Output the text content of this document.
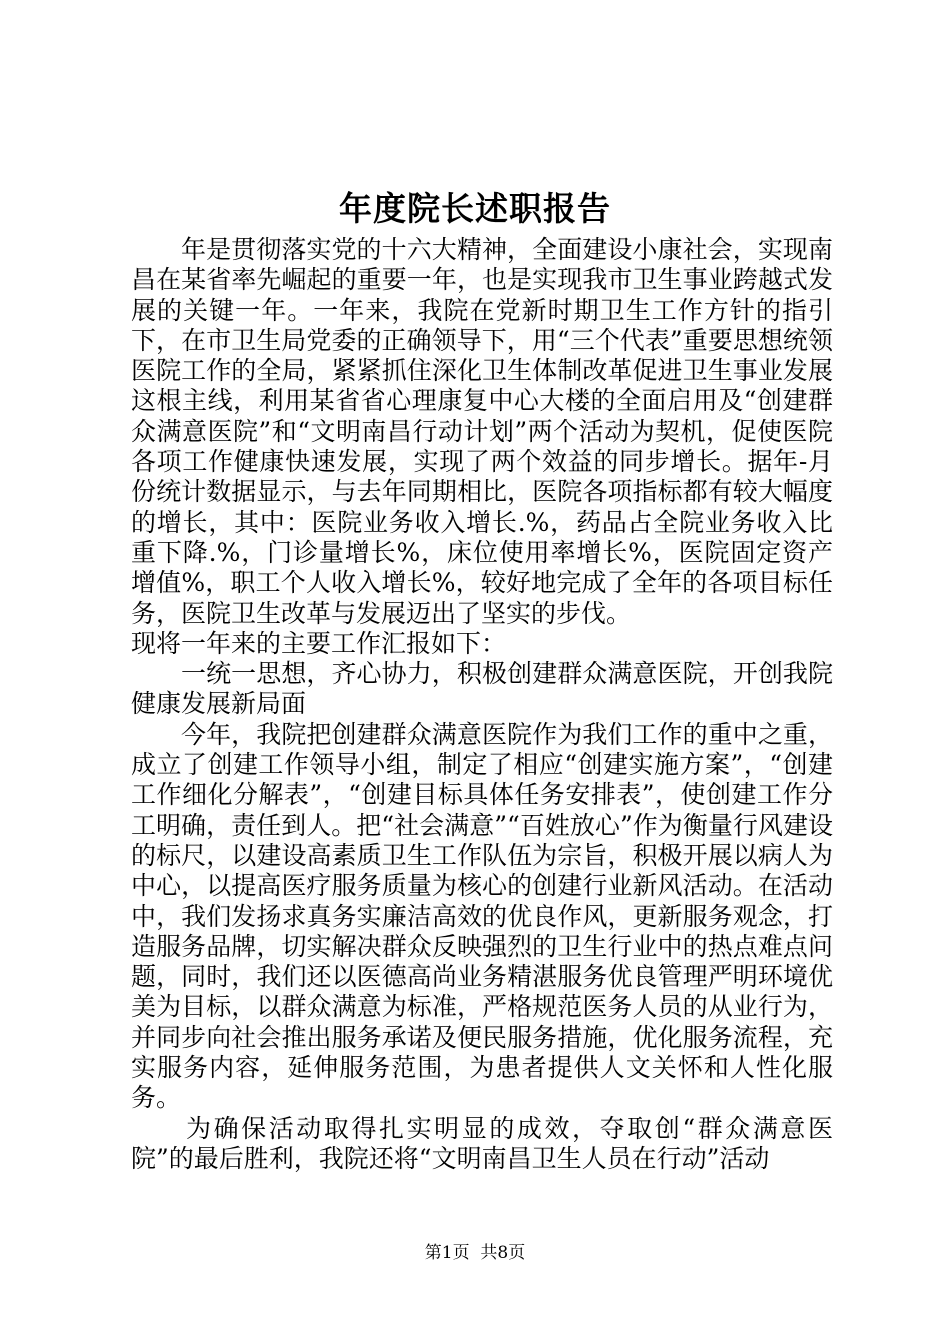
年度院长述职报告

年是贯彻落实党的十六大精神，全面建设小康社会，实现南昌在某省率先崛起的重要一年，也是实现我市卫生事业跨越式发展的关键一年。一年来，我院在党新时期卫生工作方针的指引下，在市卫生局党委的正确领导下，用“三个代表”重要思想统领医院工作的全局，紧紧抓住深化卫生体制改革促进卫生事业发展这根主线，利用某省省心理康复中心大楼的全面启用及“创建群众满意医院”和“文明南昌行动计划”两个活动为契机，促使医院各项工作健康快速发展，实现了两个效益的同步增长。据年-月份统计数据显示，与去年同期相比，医院各项指标都有较大幅度的增长，其中：医院业务收入增长.%，药品占全院业务收入比重下降.%，门诊量增长%，床位使用率增长%，医院固定资产增值%，职工个人收入增长%，较好地完成了全年的各项目标任务，医院卫生改革与发展迈出了坚实的步伐。

现将一年来的主要工作汇报如下：

一统一思想，齐心协力，积极创建群众满意医院，开创我院健康发展新局面

今年，我院把创建群众满意医院作为我们工作的重中之重，成立了创建工作领导小组，制定了相应“创建实施方案”，“创建工作细化分解表”，“创建目标具体任务安排表”，使创建工作分工明确，责任到人。把“社会满意”“百姓放心”作为衡量行风建设的标尺，以建设高素质卫生工作队伍为宗旨，积极开展以病人为中心，以提高医疗服务质量为核心的创建行业新风活动。在活动中，我们发扬求真务实廉洁高效的优良作风，更新服务观念，打造服务品牌，切实解决群众反映强烈的卫生行业中的热点难点问题，同时，我们还以医德高尚业务精湛服务优良管理严明环境优美为目标，以群众满意为标准，严格规范医务人员的从业行为，并同步向社会推出服务承诺及便民服务措施，优化服务流程，充实服务内容，延伸服务范围，为患者提供人文关怀和人性化服务。

为确保活动取得扎实明显的成效，夺取创“群众满意医院”的最后胜利，我院还将“文明南昌卫生人员在行动”活动

第1页 共8页
